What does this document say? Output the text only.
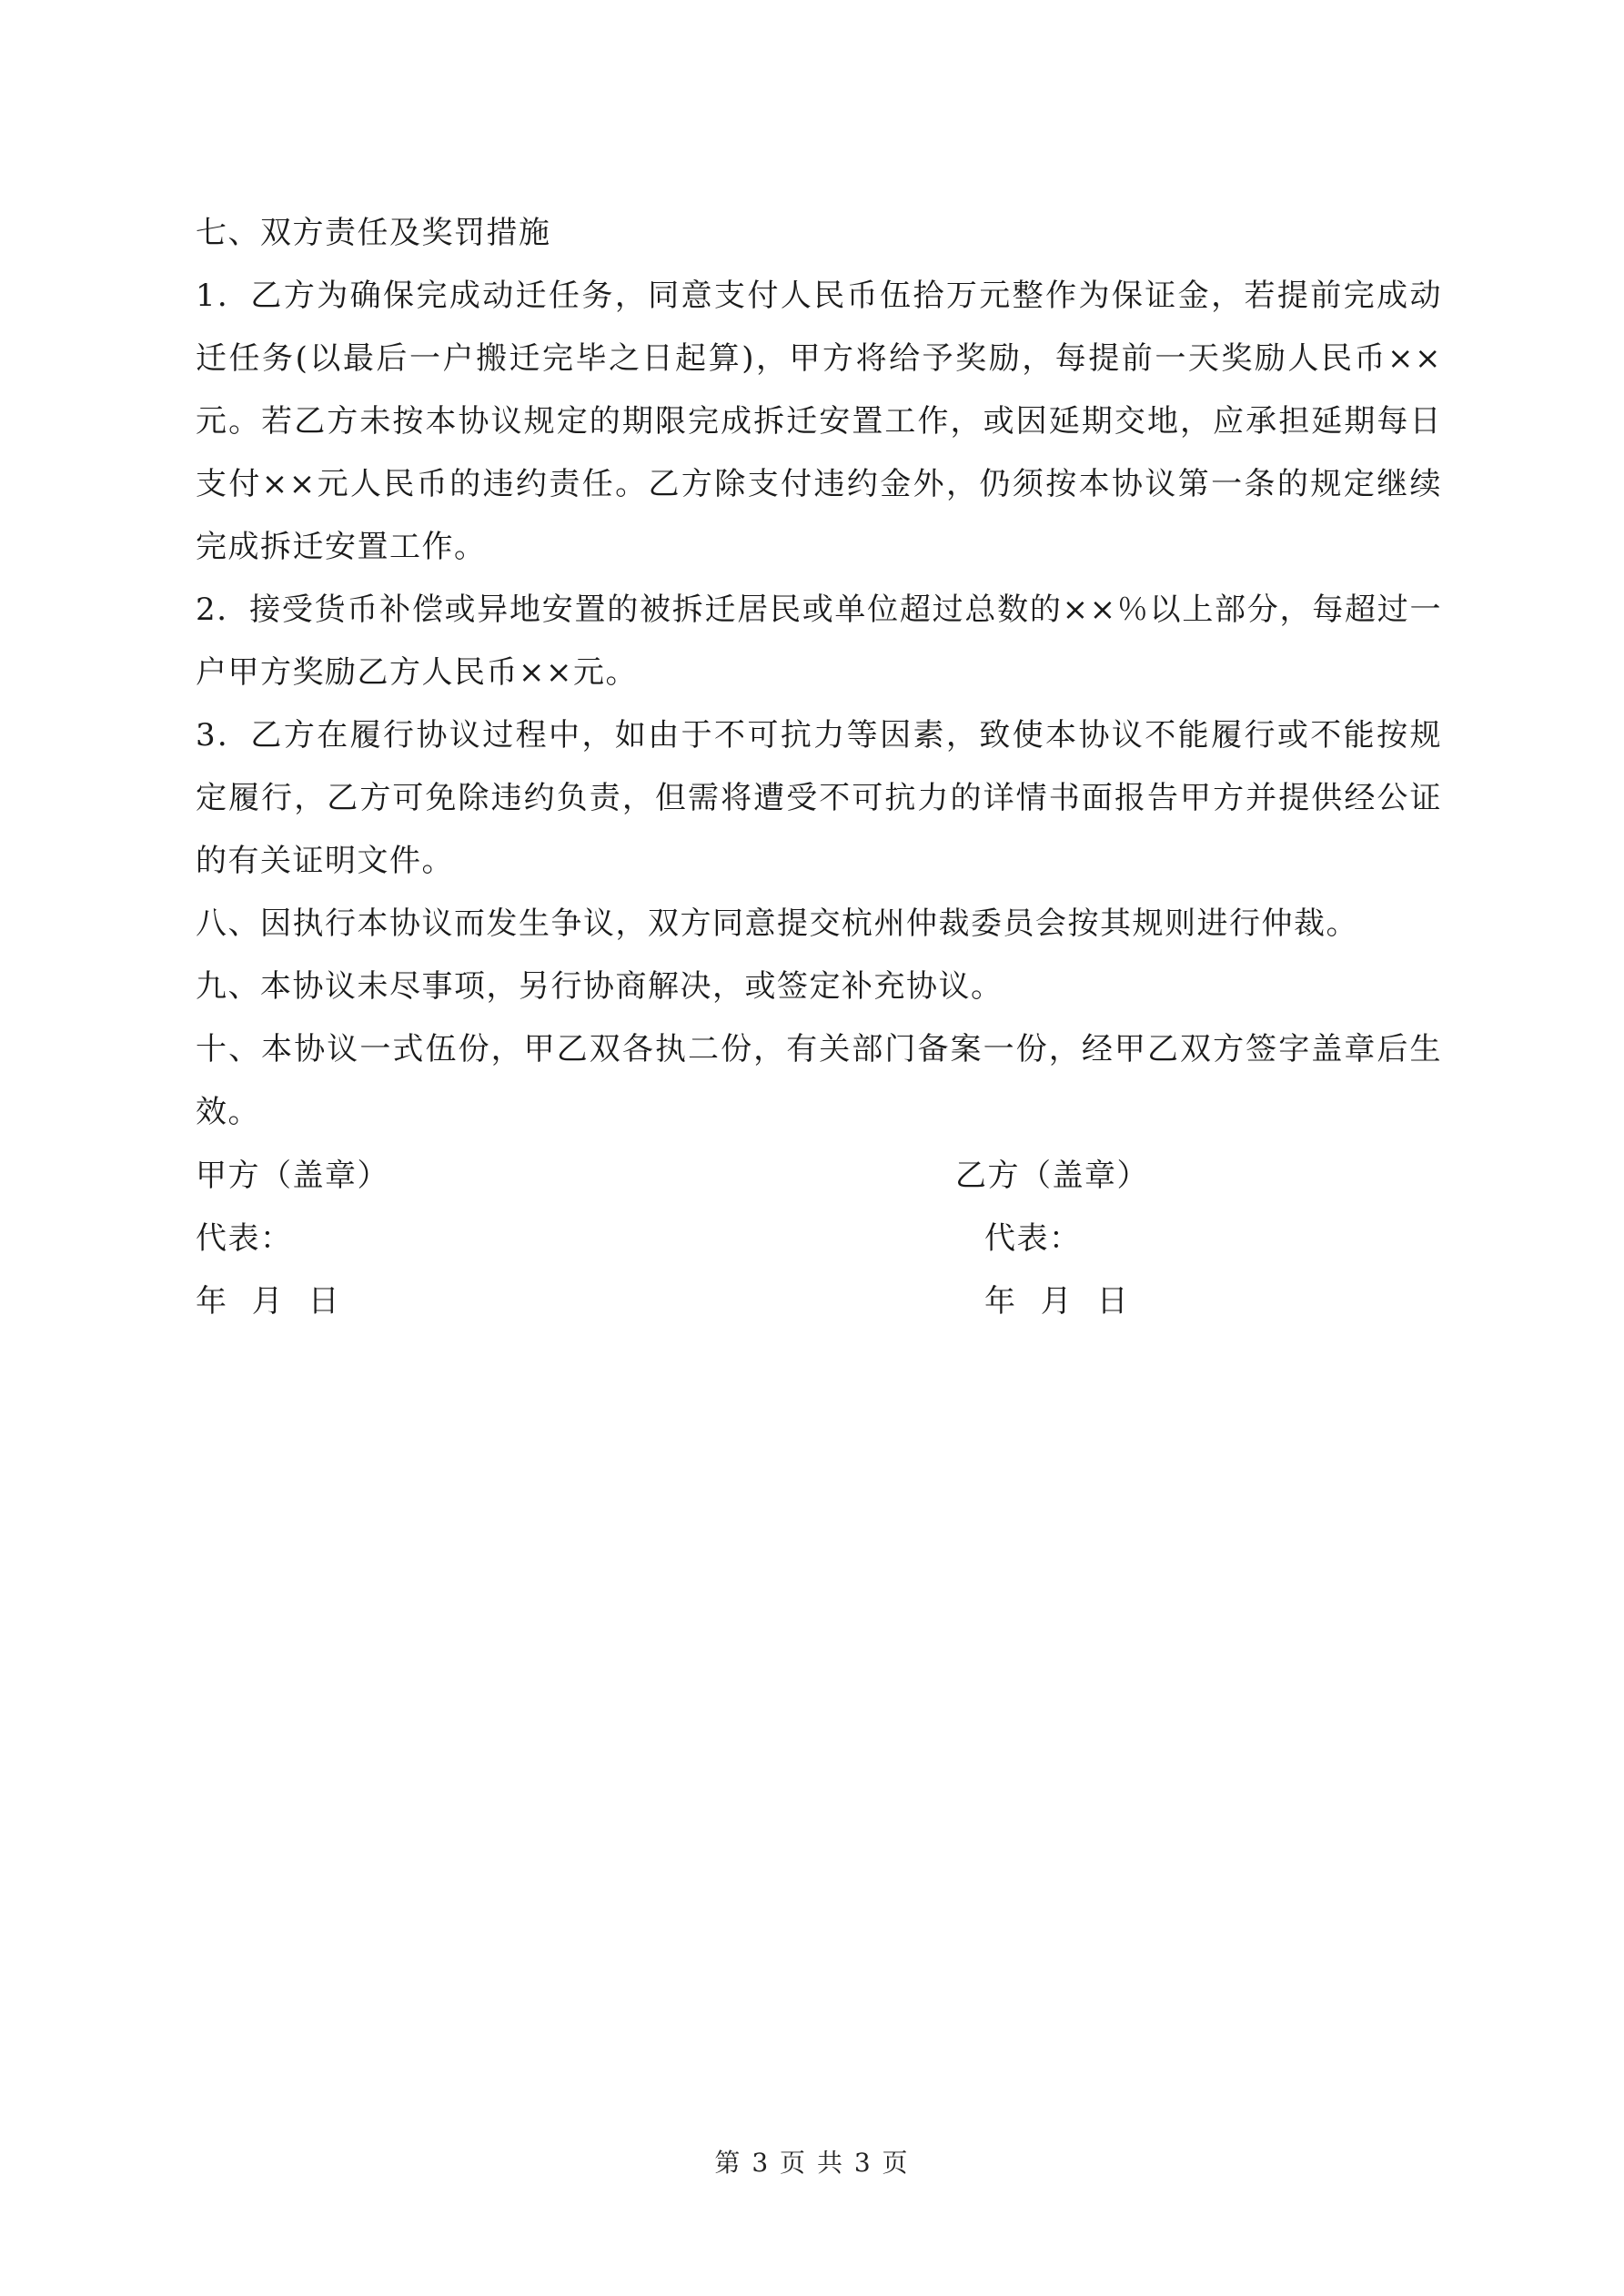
七、双方责任及奖罚措施

1．乙方为确保完成动迁任务，同意支付人民币伍拾万元整作为保证金，若提前完成动迁任务(以最后一户搬迁完毕之日起算)，甲方将给予奖励，每提前一天奖励人民币××元。若乙方未按本协议规定的期限完成拆迁安置工作，或因延期交地，应承担延期每日支付××元人民币的违约责任。乙方除支付违约金外，仍须按本协议第一条的规定继续完成拆迁安置工作。

2．接受货币补偿或异地安置的被拆迁居民或单位超过总数的××％以上部分，每超过一户甲方奖励乙方人民币××元。

3．乙方在履行协议过程中，如由于不可抗力等因素，致使本协议不能履行或不能按规定履行，乙方可免除违约负责，但需将遭受不可抗力的详情书面报告甲方并提供经公证的有关证明文件。

八、因执行本协议而发生争议，双方同意提交杭州仲裁委员会按其规则进行仲裁。

九、本协议未尽事项，另行协商解决，或签定补充协议。

十、本协议一式伍份，甲乙双各执二份，有关部门备案一份，经甲乙双方签字盖章后生效。

甲方（盖章）
代表：
年 月 日
乙方（盖章）
代表：
年 月 日
第 3 页 共 3 页
